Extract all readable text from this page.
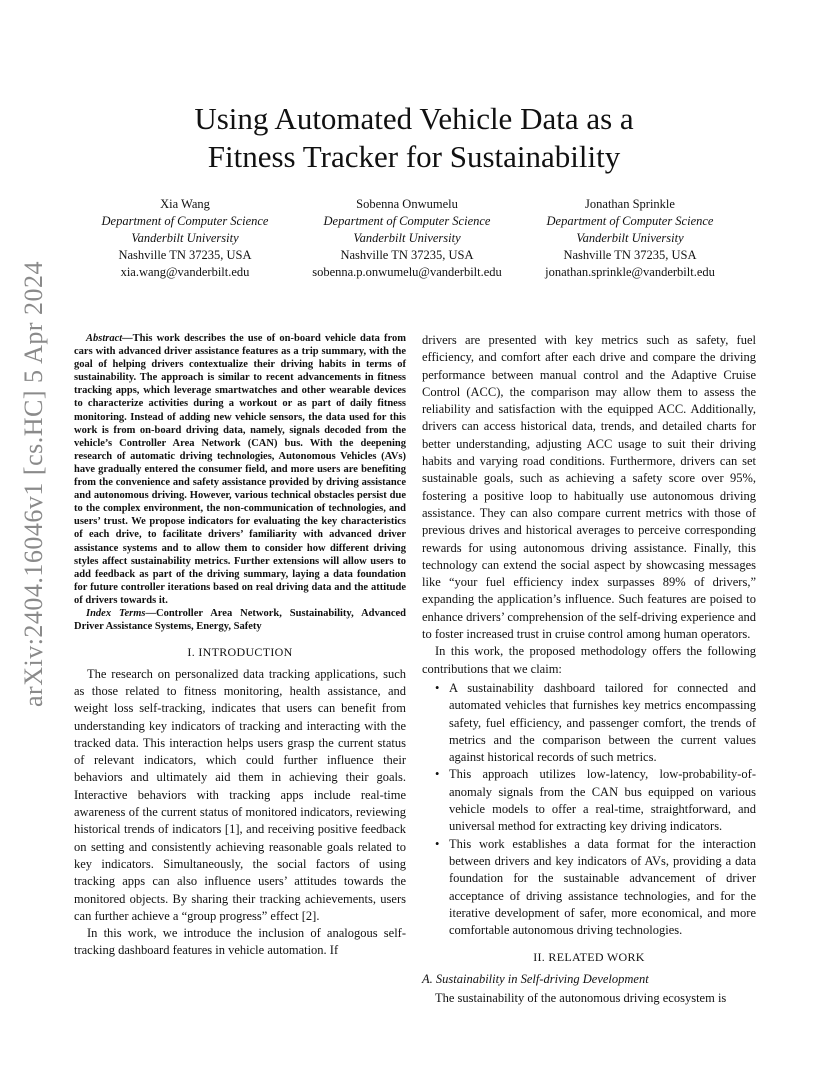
arXiv:2404.16046v1 [cs.HC] 5 Apr 2024
Using Automated Vehicle Data as a
Fitness Tracker for Sustainability
Xia Wang
Department of Computer Science
Vanderbilt University
Nashville TN 37235, USA
xia.wang@vanderbilt.edu
Sobenna Onwumelu
Department of Computer Science
Vanderbilt University
Nashville TN 37235, USA
sobenna.p.onwumelu@vanderbilt.edu
Jonathan Sprinkle
Department of Computer Science
Vanderbilt University
Nashville TN 37235, USA
jonathan.sprinkle@vanderbilt.edu

Abstract—This work describes the use of on-board vehicle data from cars with advanced driver assistance features as a trip summary, with the goal of helping drivers contextualize their driving habits in terms of sustainability. The approach is similar to recent advancements in fitness tracking apps, which leverage smartwatches and other wearable devices to characterize activities during a workout or as part of daily fitness monitoring. Instead of adding new vehicle sensors, the data used for this work is from on-board driving data, namely, signals decoded from the vehicle’s Controller Area Network (CAN) bus. With the deepening research of automatic driving technologies, Autonomous Vehicles (AVs) have gradually entered the consumer field, and more users are benefiting from the convenience and safety assistance provided by driving assistance and autonomous driving. However, various technical obstacles persist due to the complex environment, the non-communication of technologies, and users’ trust. We propose indicators for evaluating the key characteristics of each drive, to facilitate drivers’ familiarity with advanced driver assistance systems and to allow them to consider how different driving styles affect sustainability metrics. Further extensions will allow users to add feedback as part of the driving summary, laying a data foundation for future controller iterations based on real driving data and the attitude of drivers towards it.

Index Terms—Controller Area Network, Sustainability, Advanced Driver Assistance Systems, Energy, Safety

I. INTRODUCTION

The research on personalized data tracking applications, such as those related to fitness monitoring, health assistance, and weight loss self-tracking, indicates that users can benefit from understanding key indicators of tracking and interacting with the tracked data. This interaction helps users grasp the current status of relevant indicators, which could further influence their behaviors and ultimately aid them in achieving their goals. Interactive behaviors with tracking apps include real-time awareness of the current status of monitored indicators, reviewing historical trends of indicators [1], and receiving positive feedback on setting and consistently achieving reasonable goals related to key indicators. Simultaneously, the social factors of using tracking apps can also influence users’ attitudes towards the monitored objects. By sharing their tracking achievements, users can further achieve a “group progress” effect [2].

In this work, we introduce the inclusion of analogous self-tracking dashboard features in vehicle automation. If

drivers are presented with key metrics such as safety, fuel efficiency, and comfort after each drive and compare the driving performance between manual control and the Adaptive Cruise Control (ACC), the comparison may allow them to assess the reliability and satisfaction with the equipped ACC. Additionally, drivers can access historical data, trends, and detailed charts for better understanding, adjusting ACC usage to suit their driving habits and varying road conditions. Furthermore, drivers can set sustainable goals, such as achieving a safety score over 95%, fostering a positive loop to habitually use autonomous driving assistance. They can also compare current metrics with those of previous drives and historical averages to perceive corresponding rewards for using autonomous driving assistance. Finally, this technology can extend the social aspect by showcasing messages like “your fuel efficiency index surpasses 89% of drivers,” expanding the application’s influence. Such features are poised to enhance drivers’ comprehension of the self-driving experience and to foster increased trust in cruise control among human operators.

In this work, the proposed methodology offers the following contributions that we claim:

• A sustainability dashboard tailored for connected and automated vehicles that furnishes key metrics encompassing safety, fuel efficiency, and passenger comfort, the trends of metrics and the comparison between the current values against historical records of such metrics.
• This approach utilizes low-latency, low-probability-of-anomaly signals from the CAN bus equipped on various vehicle models to offer a real-time, straightforward, and universal method for extracting key driving indicators.
• This work establishes a data format for the interaction between drivers and key indicators of AVs, providing a data foundation for the sustainable advancement of driver acceptance of driving assistance technologies, and for the iterative development of safer, more economical, and more comfortable autonomous driving technologies.
II. RELATED WORK
A. Sustainability in Self-driving Development

The sustainability of the autonomous driving ecosystem is
